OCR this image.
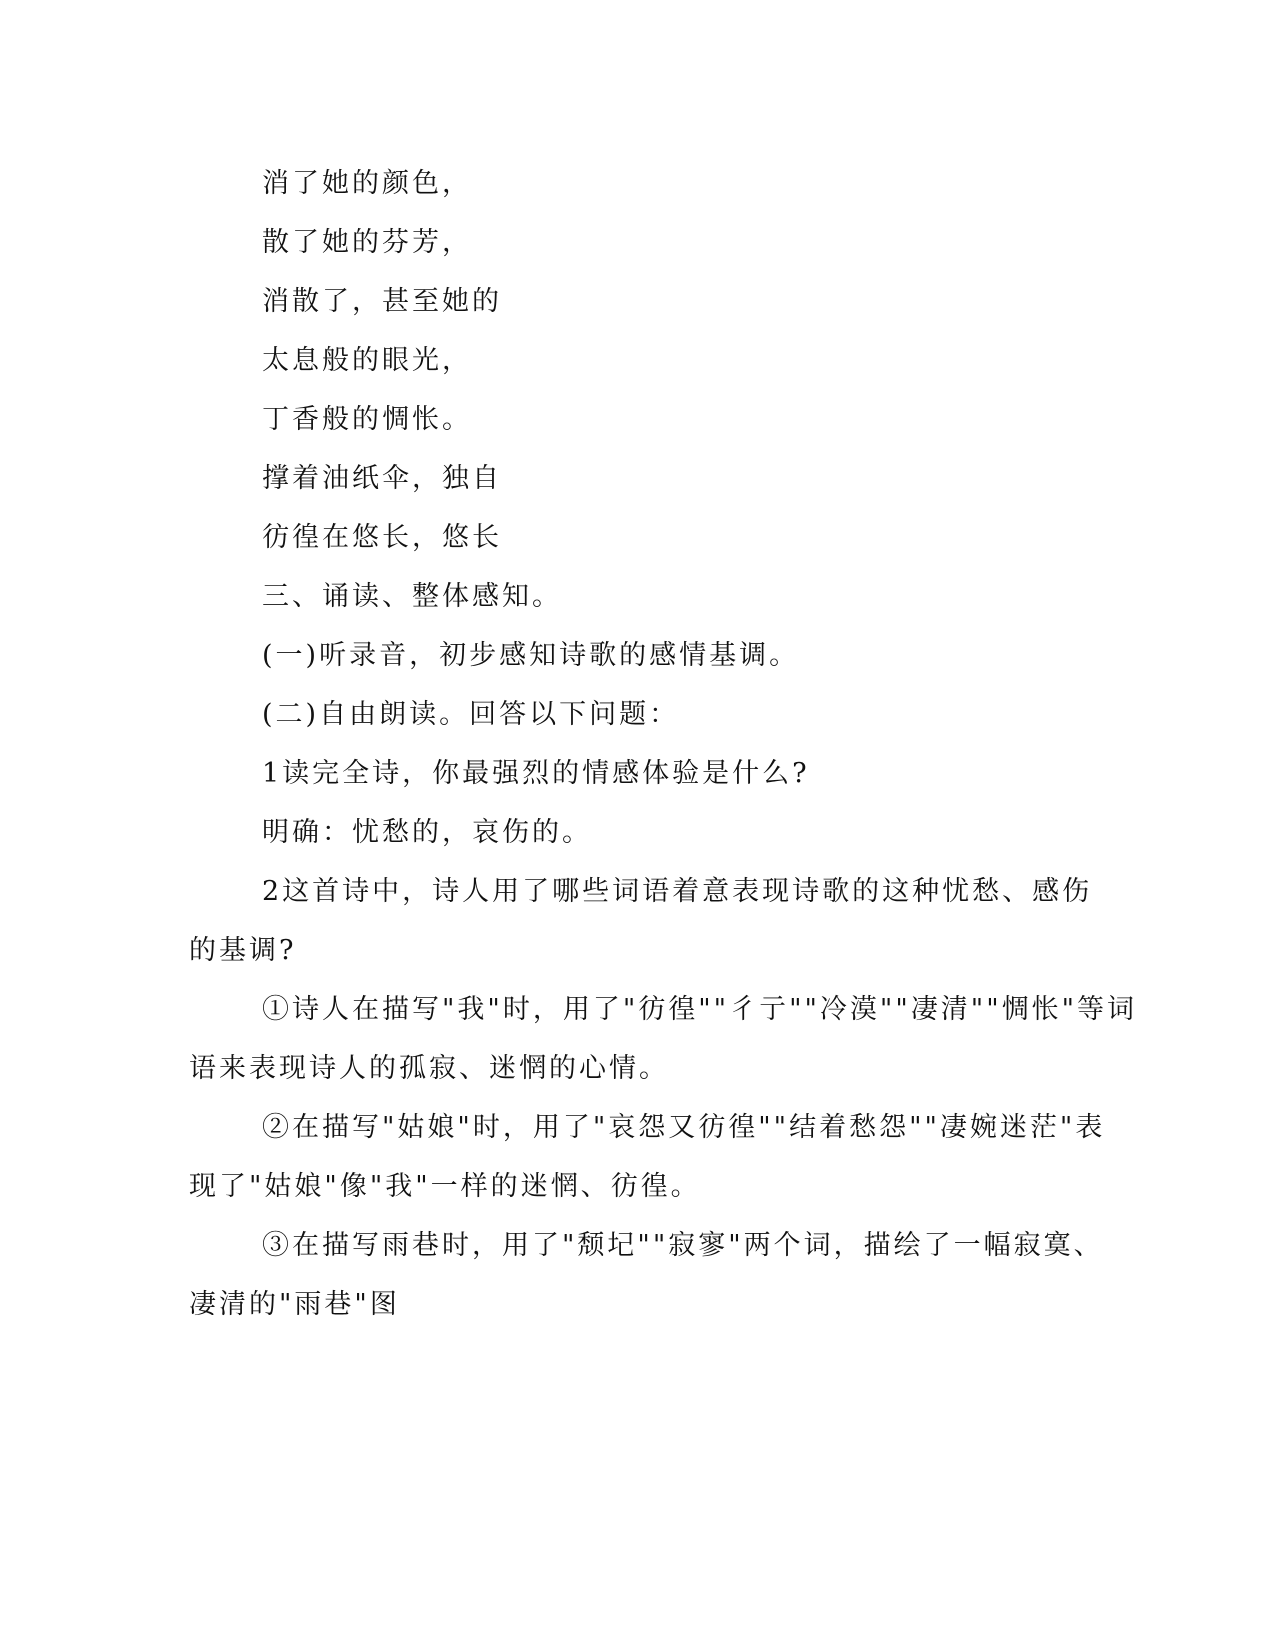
消了她的颜色，
散了她的芬芳，
消散了，甚至她的
太息般的眼光，
丁香般的惆怅。
撑着油纸伞，独自
彷徨在悠长，悠长
三、诵读、整体感知。
(一)听录音，初步感知诗歌的感情基调。
(二)自由朗读。回答以下问题：
1读完全诗，你最强烈的情感体验是什么?
明确：忧愁的，哀伤的。
2这首诗中，诗人用了哪些词语着意表现诗歌的这种忧愁、感伤
的基调?
①诗人在描写"我"时，用了"彷徨""彳亍""冷漠""凄清""惆怅"等词
语来表现诗人的孤寂、迷惘的心情。
②在描写"姑娘"时，用了"哀怨又彷徨""结着愁怨""凄婉迷茫"表
现了"姑娘"像"我"一样的迷惘、彷徨。
③在描写雨巷时，用了"颓圮""寂寥"两个词，描绘了一幅寂寞、
凄清的"雨巷"图
